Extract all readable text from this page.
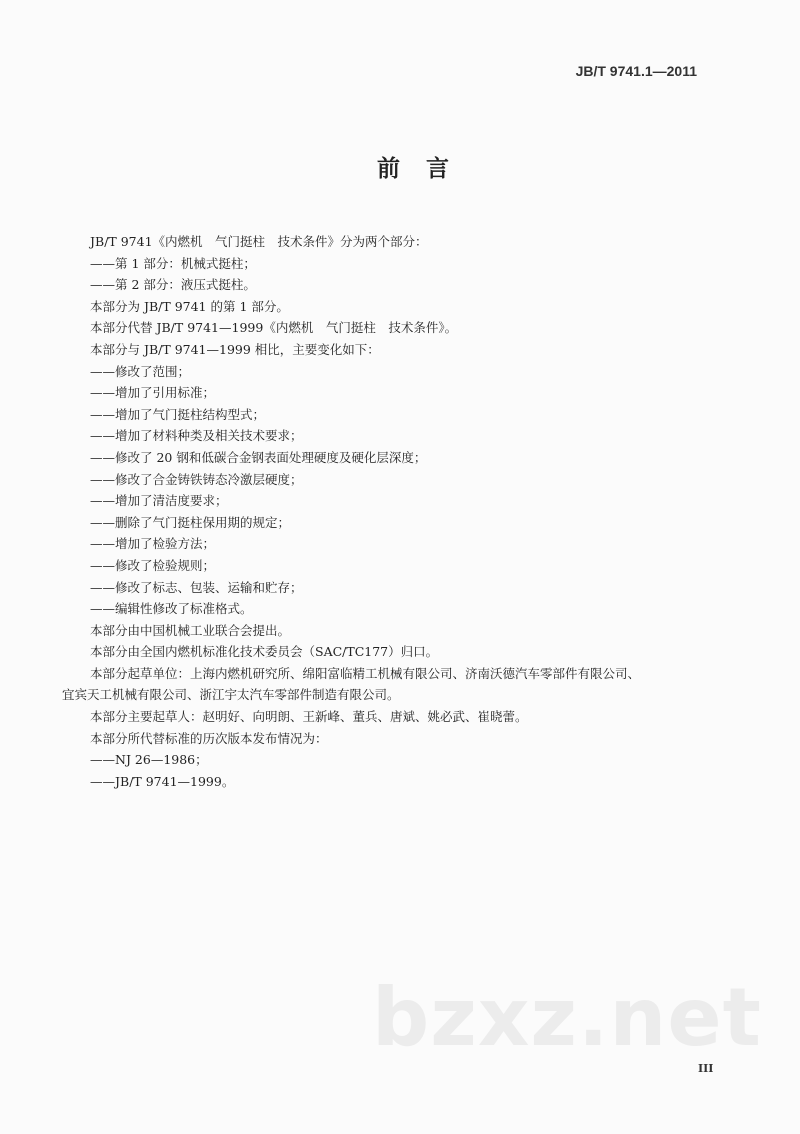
JB/T 9741.1—2011
前言
JB/T 9741《内燃机　气门挺柱　技术条件》分为两个部分：
——第 1 部分：机械式挺柱；
——第 2 部分：液压式挺柱。
本部分为 JB/T 9741 的第 1 部分。
本部分代替 JB/T 9741—1999《内燃机　气门挺柱　技术条件》。
本部分与 JB/T 9741—1999 相比，主要变化如下：
——修改了范围；
——增加了引用标准；
——增加了气门挺柱结构型式；
——增加了材料种类及相关技术要求；
——修改了 20 钢和低碳合金钢表面处理硬度及硬化层深度；
——修改了合金铸铁铸态冷激层硬度；
——增加了清洁度要求；
——删除了气门挺柱保用期的规定；
——增加了检验方法；
——修改了检验规则；
——修改了标志、包装、运输和贮存；
——编辑性修改了标准格式。
本部分由中国机械工业联合会提出。
本部分由全国内燃机标准化技术委员会（SAC/TC177）归口。
本部分起草单位：上海内燃机研究所、绵阳富临精工机械有限公司、济南沃德汽车零部件有限公司、
宜宾天工机械有限公司、浙江宇太汽车零部件制造有限公司。
本部分主要起草人：赵明好、向明朗、王新峰、董兵、唐斌、姚必武、崔晓蕾。
本部分所代替标准的历次版本发布情况为：
——NJ 26—1986；
——JB/T 9741—1999。
bzxz.net
III
